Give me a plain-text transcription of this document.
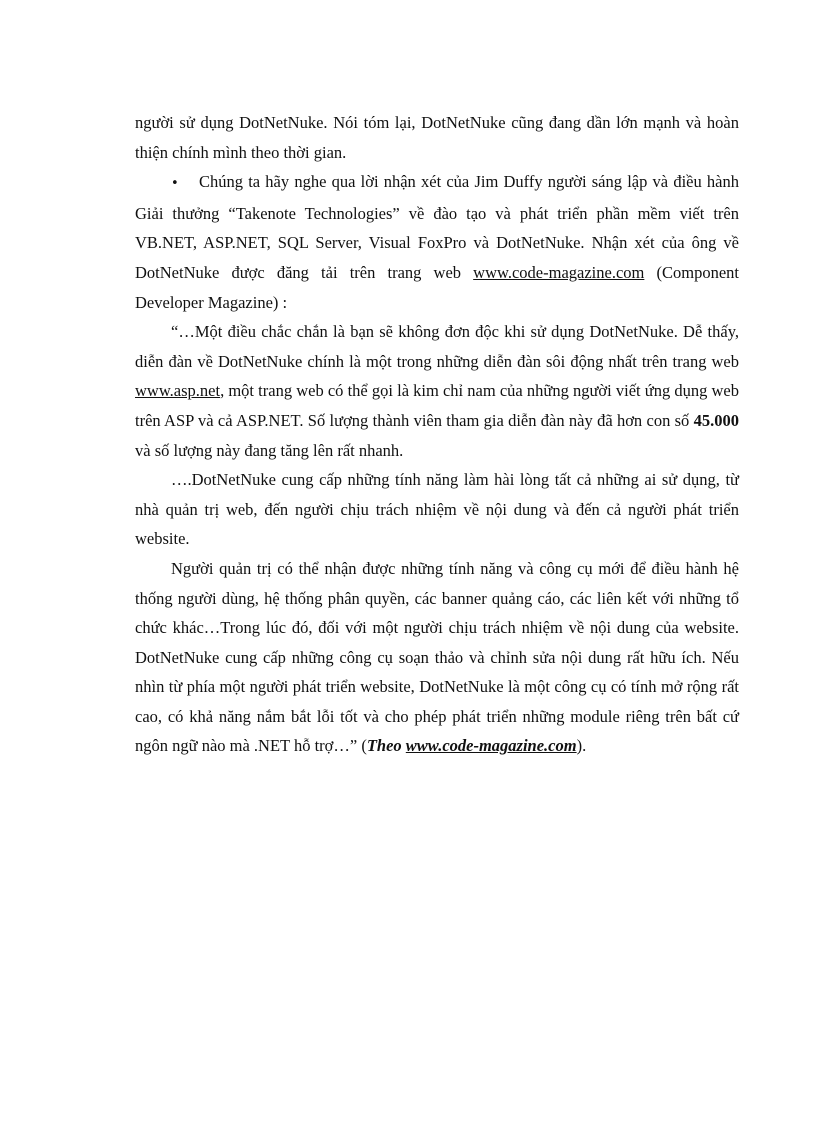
người sử dụng DotNetNuke. Nói tóm lại, DotNetNuke cũng đang dần lớn mạnh và hoàn thiện chính mình theo thời gian.

• Chúng ta hãy nghe qua lời nhận xét của Jim Duffy người sáng lập và điều hành Giải thưởng “Takenote Technologies” về đào tạo và phát triển phần mềm viết trên VB.NET, ASP.NET, SQL Server, Visual FoxPro và DotNetNuke. Nhận xét của ông về DotNetNuke được đăng tải trên trang web www.code-magazine.com (Component Developer Magazine) :

“…Một điều chắc chắn là bạn sẽ không đơn độc khi sử dụng DotNetNuke. Dễ thấy, diễn đàn về DotNetNuke chính là một trong những diễn đàn sôi động nhất trên trang web www.asp.net, một trang web có thể gọi là kim chỉ nam của những người viết ứng dụng web trên ASP và cả ASP.NET. Số lượng thành viên tham gia diễn đàn này đã hơn con số 45.000 và số lượng này đang tăng lên rất nhanh.

….DotNetNuke cung cấp những tính năng làm hài lòng tất cả những ai sử dụng, từ nhà quản trị web, đến người chịu trách nhiệm về nội dung và đến cả người phát triển website.

Người quản trị có thể nhận được những tính năng và công cụ mới để điều hành hệ thống người dùng, hệ thống phân quyền, các banner quảng cáo, các liên kết với những tổ chức khác…Trong lúc đó, đối với một người chịu trách nhiệm về nội dung của website. DotNetNuke cung cấp những công cụ soạn thảo và chỉnh sửa nội dung rất hữu ích. Nếu nhìn từ phía một người phát triển website, DotNetNuke là một công cụ có tính mở rộng rất cao, có khả năng nắm bắt lỗi tốt và cho phép phát triển những module riêng trên bất cứ ngôn ngữ nào mà .NET hỗ trợ…” (Theo www.code-magazine.com).
